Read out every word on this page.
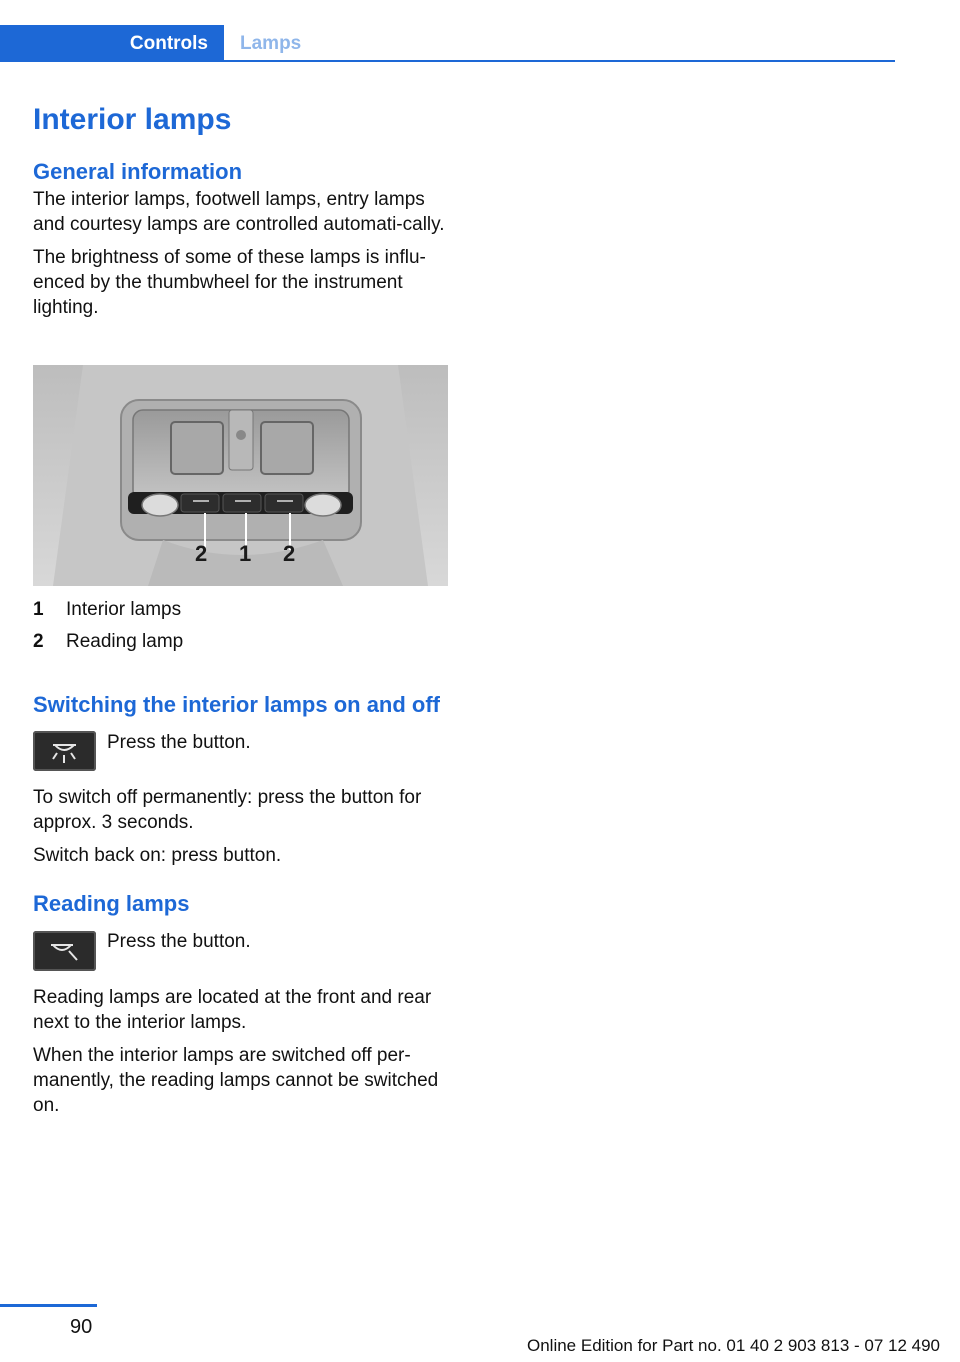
Controls Lamps
Interior lamps
General information

The interior lamps, footwell lamps, entry lamps and courtesy lamps are controlled automati‐cally.

The brightness of some of these lamps is influ‐enced by the thumbwheel for the instrument lighting.

2 1 2
1 Interior lamps
2 Reading lamp
Switching the interior lamps on and off

Press the button.

To switch off permanently: press the button for approx. 3 seconds.

Switch back on: press button.

Reading lamps

Press the button.

Reading lamps are located at the front and rear next to the interior lamps.

When the interior lamps are switched off per‐manently, the reading lamps cannot be switched on.

90
Online Edition for Part no. 01 40 2 903 813 - 07 12 490
